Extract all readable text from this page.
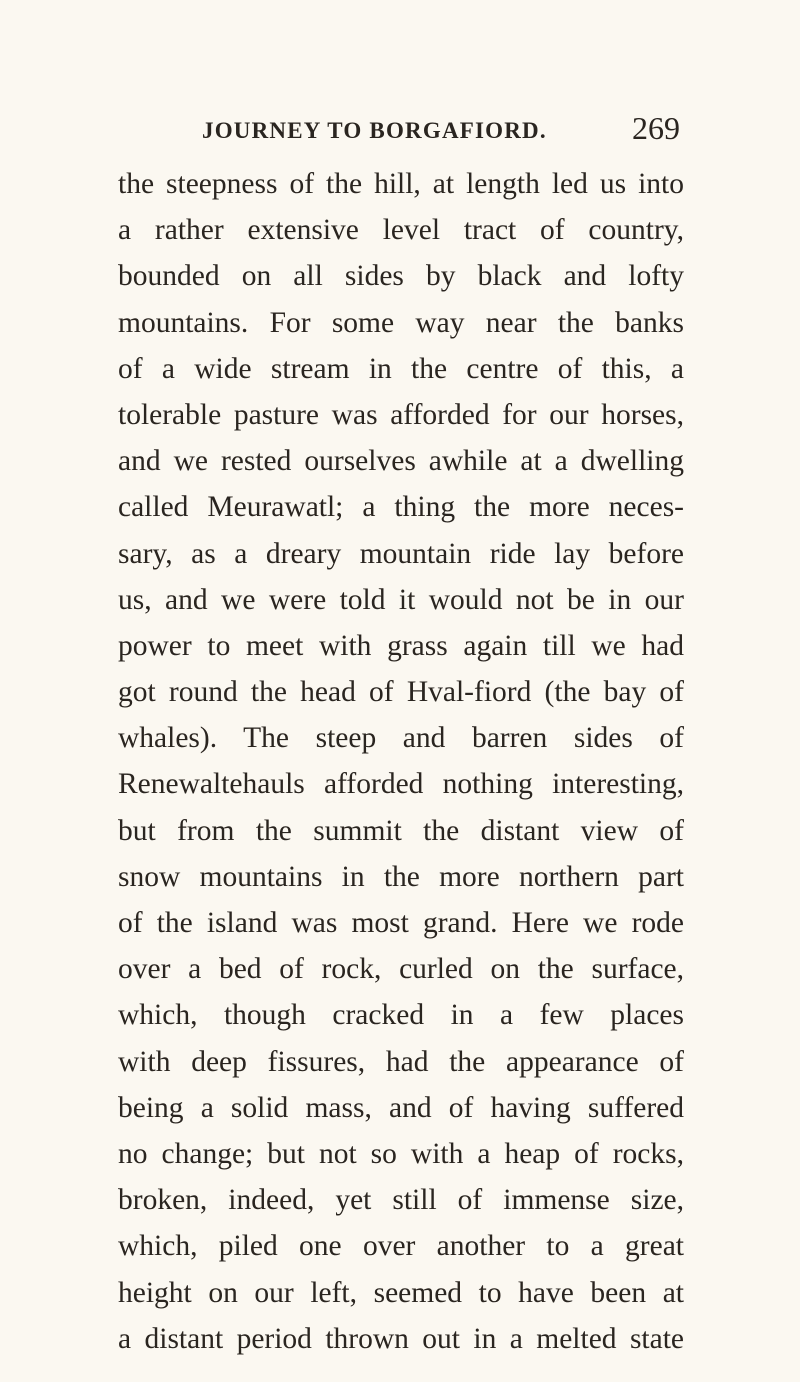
JOURNEY TO BORGAFIORD.	269
the steepness of the hill, at length led us into
a rather extensive level tract of country,
bounded on all sides by black and lofty
mountains. For some way near the banks
of a wide stream in the centre of this, a
tolerable pasture was afforded for our horses,
and we rested ourselves awhile at a dwelling
called Meurawatl; a thing the more neces-
sary, as a dreary mountain ride lay before
us, and we were told it would not be in our
power to meet with grass again till we had
got round the head of Hval-fiord (the bay of
whales). The steep and barren sides of
Renewaltehauls afforded nothing interesting,
but from the summit the distant view of
snow mountains in the more northern part
of the island was most grand. Here we rode
over a bed of rock, curled on the surface,
which, though cracked in a few places
with deep fissures, had the appearance of
being a solid mass, and of having suffered
no change; but not so with a heap of rocks,
broken, indeed, yet still of immense size,
which, piled one over another to a great
height on our left, seemed to have been at
a distant period thrown out in a melted state
